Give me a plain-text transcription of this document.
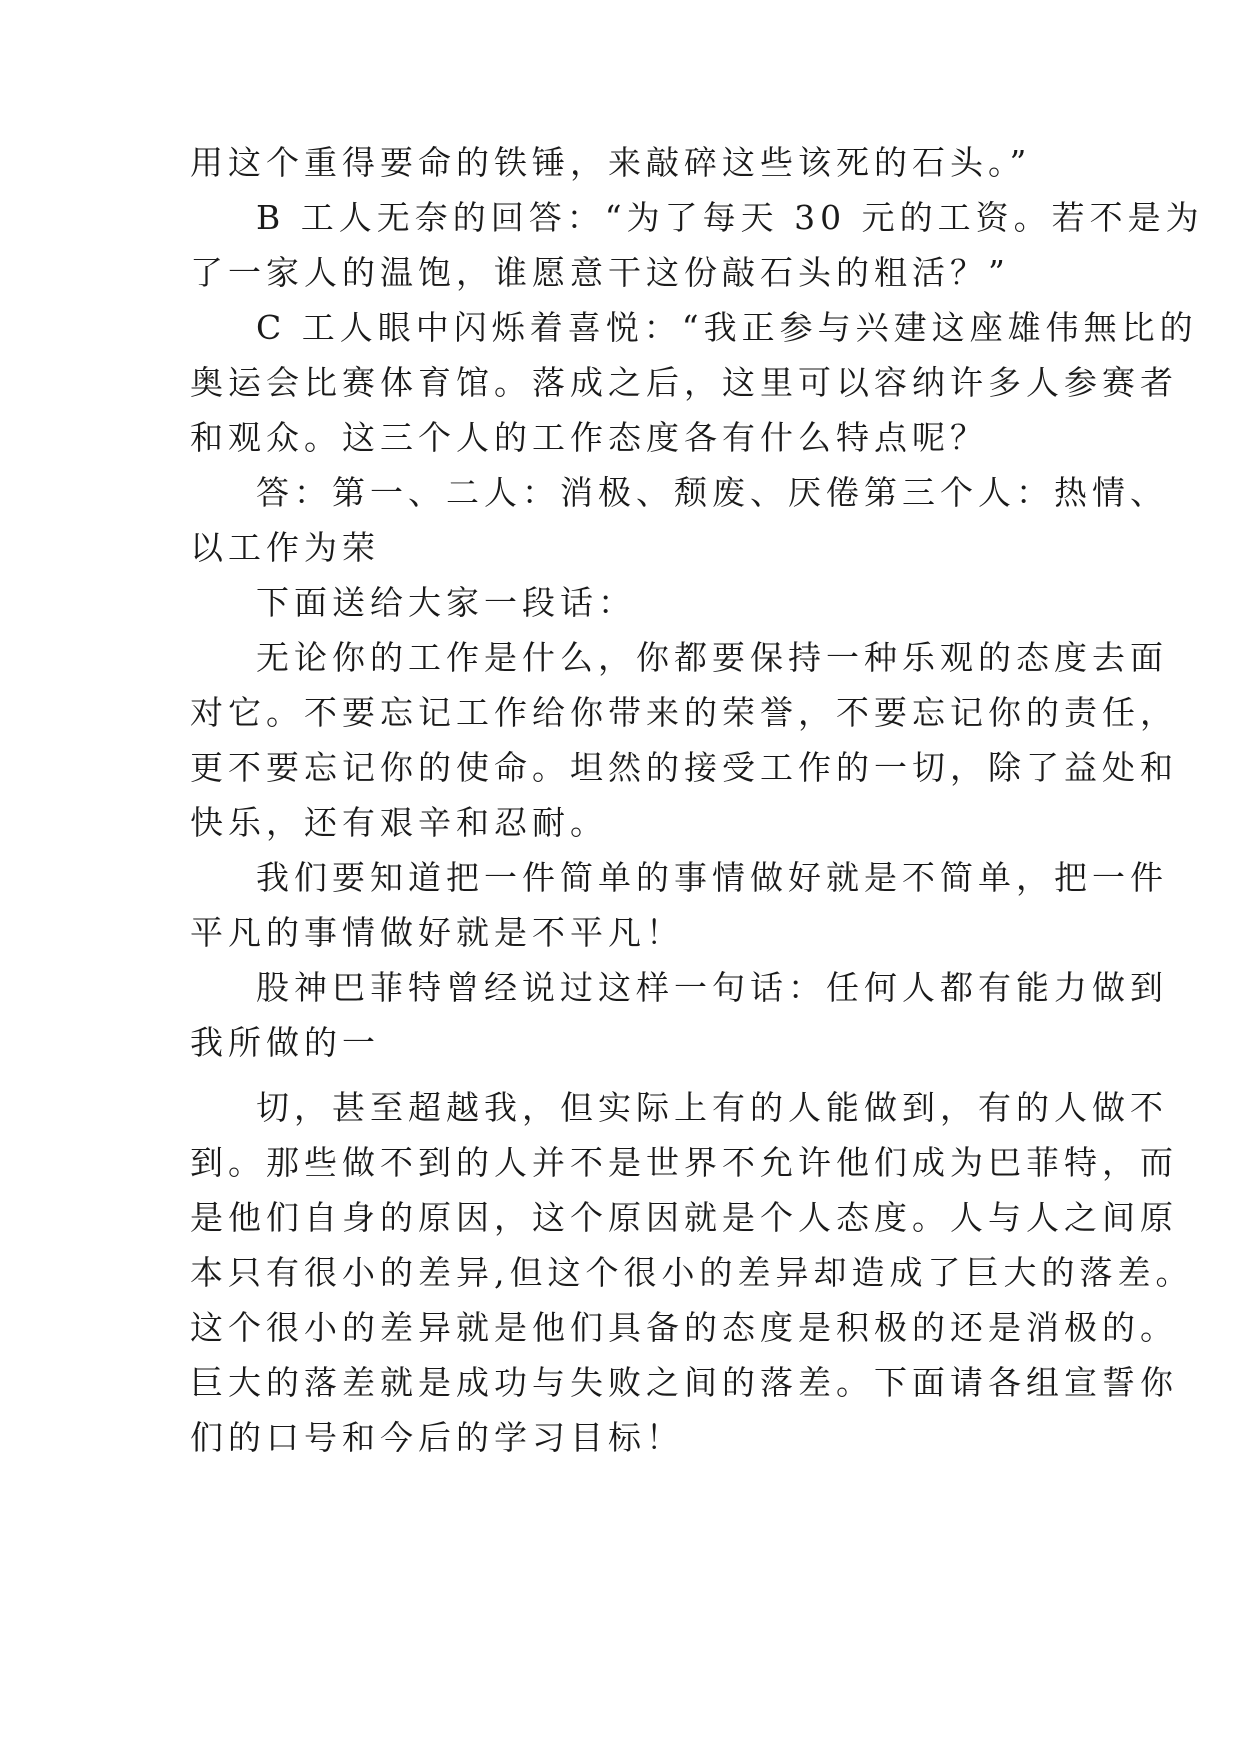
用这个重得要命的铁锤，来敲碎这些该死的石头。”
B 工人无奈的回答：“为了每天 30 元的工资。若不是为
了一家人的温饱，谁愿意干这份敲石头的粗活？”
C 工人眼中闪烁着喜悦：“我正参与兴建这座雄伟無比的
奥运会比赛体育馆。落成之后，这里可以容纳许多人参赛者
和观众。这三个人的工作态度各有什么特点呢？
答：第一、二人：消极、颓废、厌倦第三个人：热情、
以工作为荣
下面送给大家一段话：
无论你的工作是什么，你都要保持一种乐观的态度去面
对它。不要忘记工作给你带来的荣誉，不要忘记你的责任，
更不要忘记你的使命。坦然的接受工作的一切，除了益处和
快乐，还有艰辛和忍耐。
我们要知道把一件简单的事情做好就是不简单，把一件
平凡的事情做好就是不平凡！
股神巴菲特曾经说过这样一句话：任何人都有能力做到
我所做的一
切，甚至超越我，但实际上有的人能做到，有的人做不
到。那些做不到的人并不是世界不允许他们成为巴菲特，而
是他们自身的原因，这个原因就是个人态度。人与人之间原
本只有很小的差异,但这个很小的差异却造成了巨大的落差。
这个很小的差异就是他们具备的态度是积极的还是消极的。
巨大的落差就是成功与失败之间的落差。下面请各组宣誓你
们的口号和今后的学习目标！
